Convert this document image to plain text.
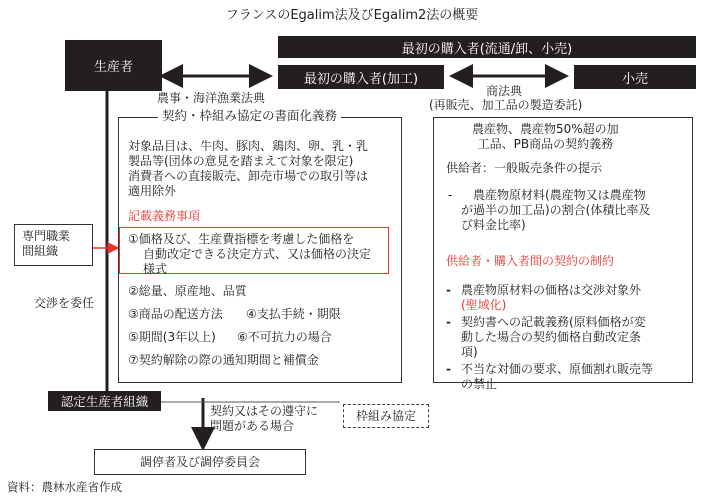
フランスのEgalim法及びEgalim2法の概要
生産者
最初の購入者(流通/卸、小売)
最初の購入者(加工)	小売
商法典
(再販売、加工品の製造委託)
農事・海洋漁業法典
契約・枠組み協定の書面化義務
対象品目は、牛肉、豚肉、鶏肉、卵、乳・乳
製品等(団体の意見を踏まえて対象を限定)
消費者への直接販売、卸売市場での取引等は
適用除外
記載義務事項
①価格及び、生産費指標を考慮した価格を
自動改定できる決定方式、又は価格の決定
様式
②総量、原産地、品質
③商品の配送方法 ④支払手続・期限
⑤期間(3年以上) ⑥不可抗力の場合
⑦契約解除の際の通知期間と補償金
専門職業
間組織
交渉を委任
認定生産者組織
契約又はその遵守に
問題がある場合
枠組み協定
調停者及び調停委員会
農産物、農産物50%超の加
工品、PB商品の契約義務
供給者：一般販売条件の提示
-	農産物原材料(農産物又は農産物
が過半の加工品)の割合(体積比率及
び料金比率)
供給者・購入者間の契約の制約
- 農産物原材料の価格は交渉対象外
(聖域化)
- 契約書への記載義務(原料価格が変
動した場合の契約価格自動改定条
項)
- 不当な対価の要求、原価割れ販売等
の禁止
資料：農林水産省作成
